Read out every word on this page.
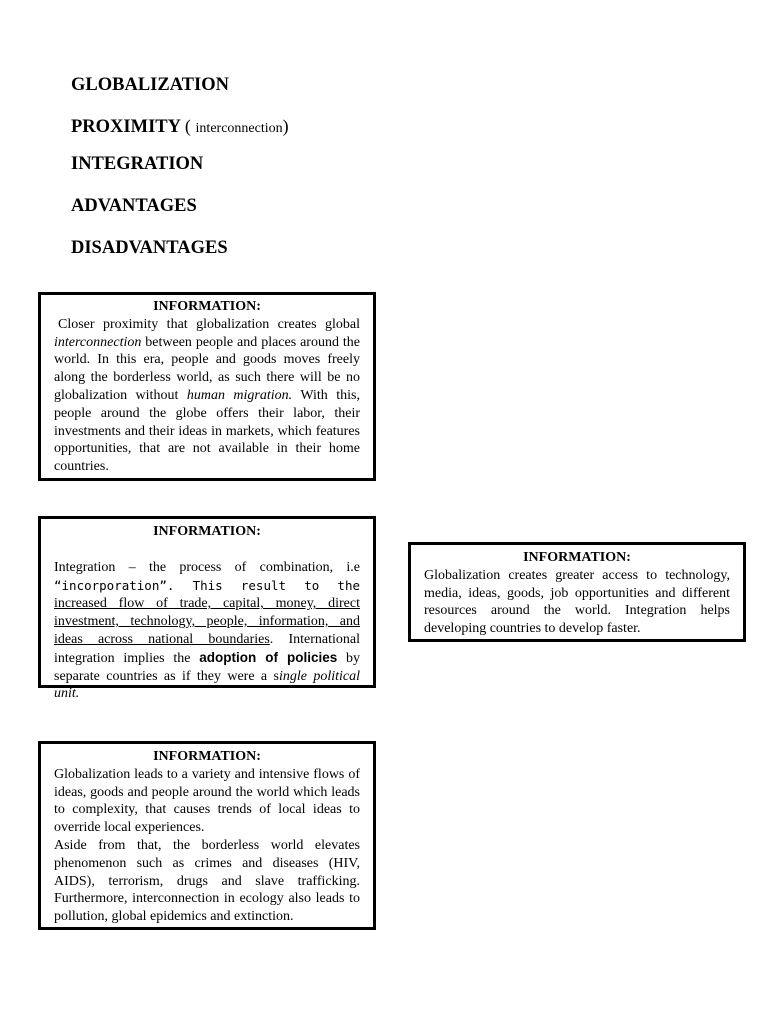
GLOBALIZATION
PROXIMITY ( interconnection)
INTEGRATION
ADVANTAGES
DISADVANTAGES
INFORMATION:

Closer proximity that globalization creates global interconnection between people and places around the world. In this era, people and goods moves freely along the borderless world, as such there will be no globalization without human migration. With this, people around the globe offers their labor, their investments and their ideas in markets, which features opportunities, that are not available in their home countries.

INFORMATION:

Integration – the process of combination, i.e “incorporation”. This result to the increased flow of trade, capital, money, direct investment, technology, people, information, and ideas across national boundaries. International integration implies the adoption of policies by separate countries as if they were a single political unit.

INFORMATION:

Globalization creates greater access to technology, media, ideas, goods, job opportunities and different resources around the world. Integration helps developing countries to develop faster.

INFORMATION:

Globalization leads to a variety and intensive flows of ideas, goods and people around the world which leads to complexity, that causes trends of local ideas to override local experiences.

Aside from that, the borderless world elevates phenomenon such as crimes and diseases (HIV, AIDS), terrorism, drugs and slave trafficking. Furthermore, interconnection in ecology also leads to pollution, global epidemics and extinction.
